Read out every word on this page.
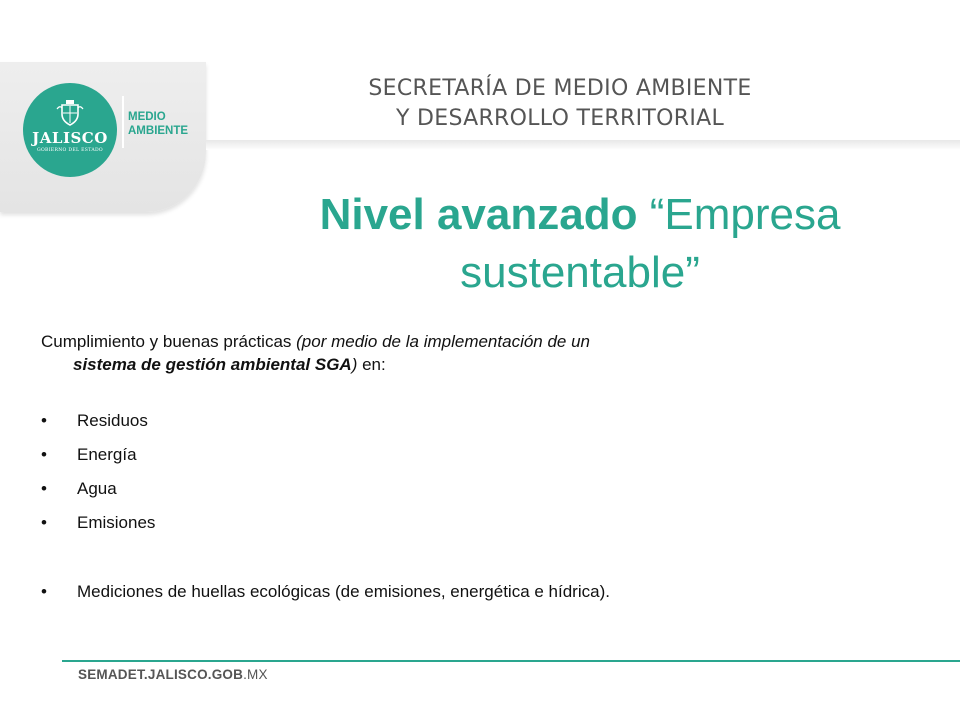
JALISCO
GOBIERNO DEL ESTADO
MEDIO
AMBIENTE
SECRETARÍA DE MEDIO AMBIENTE
Y DESARROLLO TERRITORIAL
Nivel avanzado “Empresa
sustentable”
Cumplimiento y buenas prácticas (por medio de la implementación de un
sistema de gestión ambiental SGA) en:
• Residuos
• Energía
• Agua
• Emisiones
• Mediciones de huellas ecológicas (de emisiones, energética e hídrica).
SEMADET.JALISCO.GOB.MX
